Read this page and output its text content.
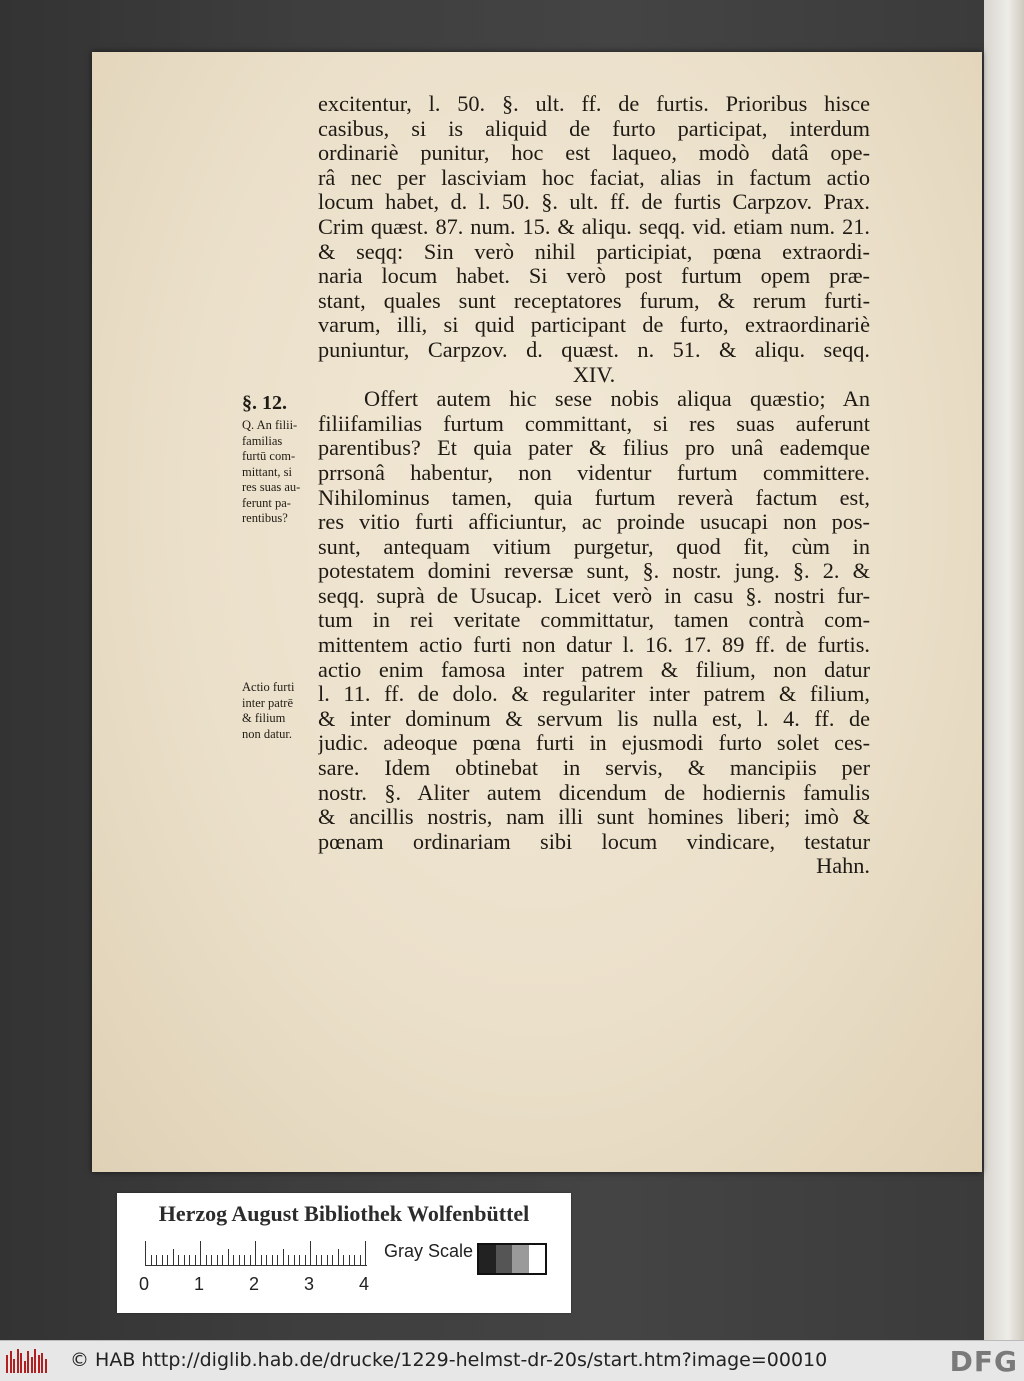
excitentur, l. 50. §. ult. ff. de furtis. Prioribus hisce
casibus, si is aliquid de furto participat, interdum
ordinariè punitur, hoc est laqueo, modò datâ ope-
râ nec per lasciviam hoc faciat, alias in factum actio
locum habet, d. l. 50. §. ult. ff. de furtis Carpzov. Prax.
Crim quæst. 87. num. 15. & aliqu. seqq. vid. etiam num. 21.
& seqq: Sin verò nihil participiat, pœna extraordi-
naria locum habet. Si verò post furtum opem præ-
stant, quales sunt receptatores furum, & rerum furti-
varum, illi, si quid participant de furto, extraordinariè
puniuntur, Carpzov. d. quæst. n. 51. & aliqu. seqq.
XIV.
Offert autem hic sese nobis aliqua quæstio; An
filiifamilias furtum committant, si res suas auferunt
parentibus? Et quia pater & filius pro unâ eademque
prrsonâ habentur, non videntur furtum committere.
Nihilominus tamen, quia furtum reverà factum est,
res vitio furti afficiuntur, ac proinde usucapi non pos-
sunt, antequam vitium purgetur, quod fit, cùm in
potestatem domini reversæ sunt, §. nostr. jung. §. 2. &
seqq. suprà de Usucap. Licet verò in casu §. nostri fur-
tum in rei veritate committatur, tamen contrà com-
mittentem actio furti non datur l. 16. 17. 89 ff. de furtis.
actio enim famosa inter patrem & filium, non datur
l. 11. ff. de dolo. & regulariter inter patrem & filium,
& inter dominum & servum lis nulla est, l. 4. ff. de
judic. adeoque pœna furti in ejusmodi furto solet ces-
sare. Idem obtinebat in servis, & mancipiis per
nostr. §. Aliter autem dicendum de hodiernis famulis
& ancillis nostris, nam illi sunt homines liberi; imò &
pœnam ordinariam sibi locum vindicare, testatur
Hahn.
§. 12.
Q. An filii-
familias
furtū com-
mittant, si
res suas au-
ferunt pa-
rentibus?
Actio furti
inter patrē
& filium
non datur.
Herzog August Bibliothek Wolfenbüttel
0	1	2	3	4
Gray Scale
© HAB http://diglib.hab.de/drucke/1229-helmst-dr-20s/start.htm?image=00010	DFG
